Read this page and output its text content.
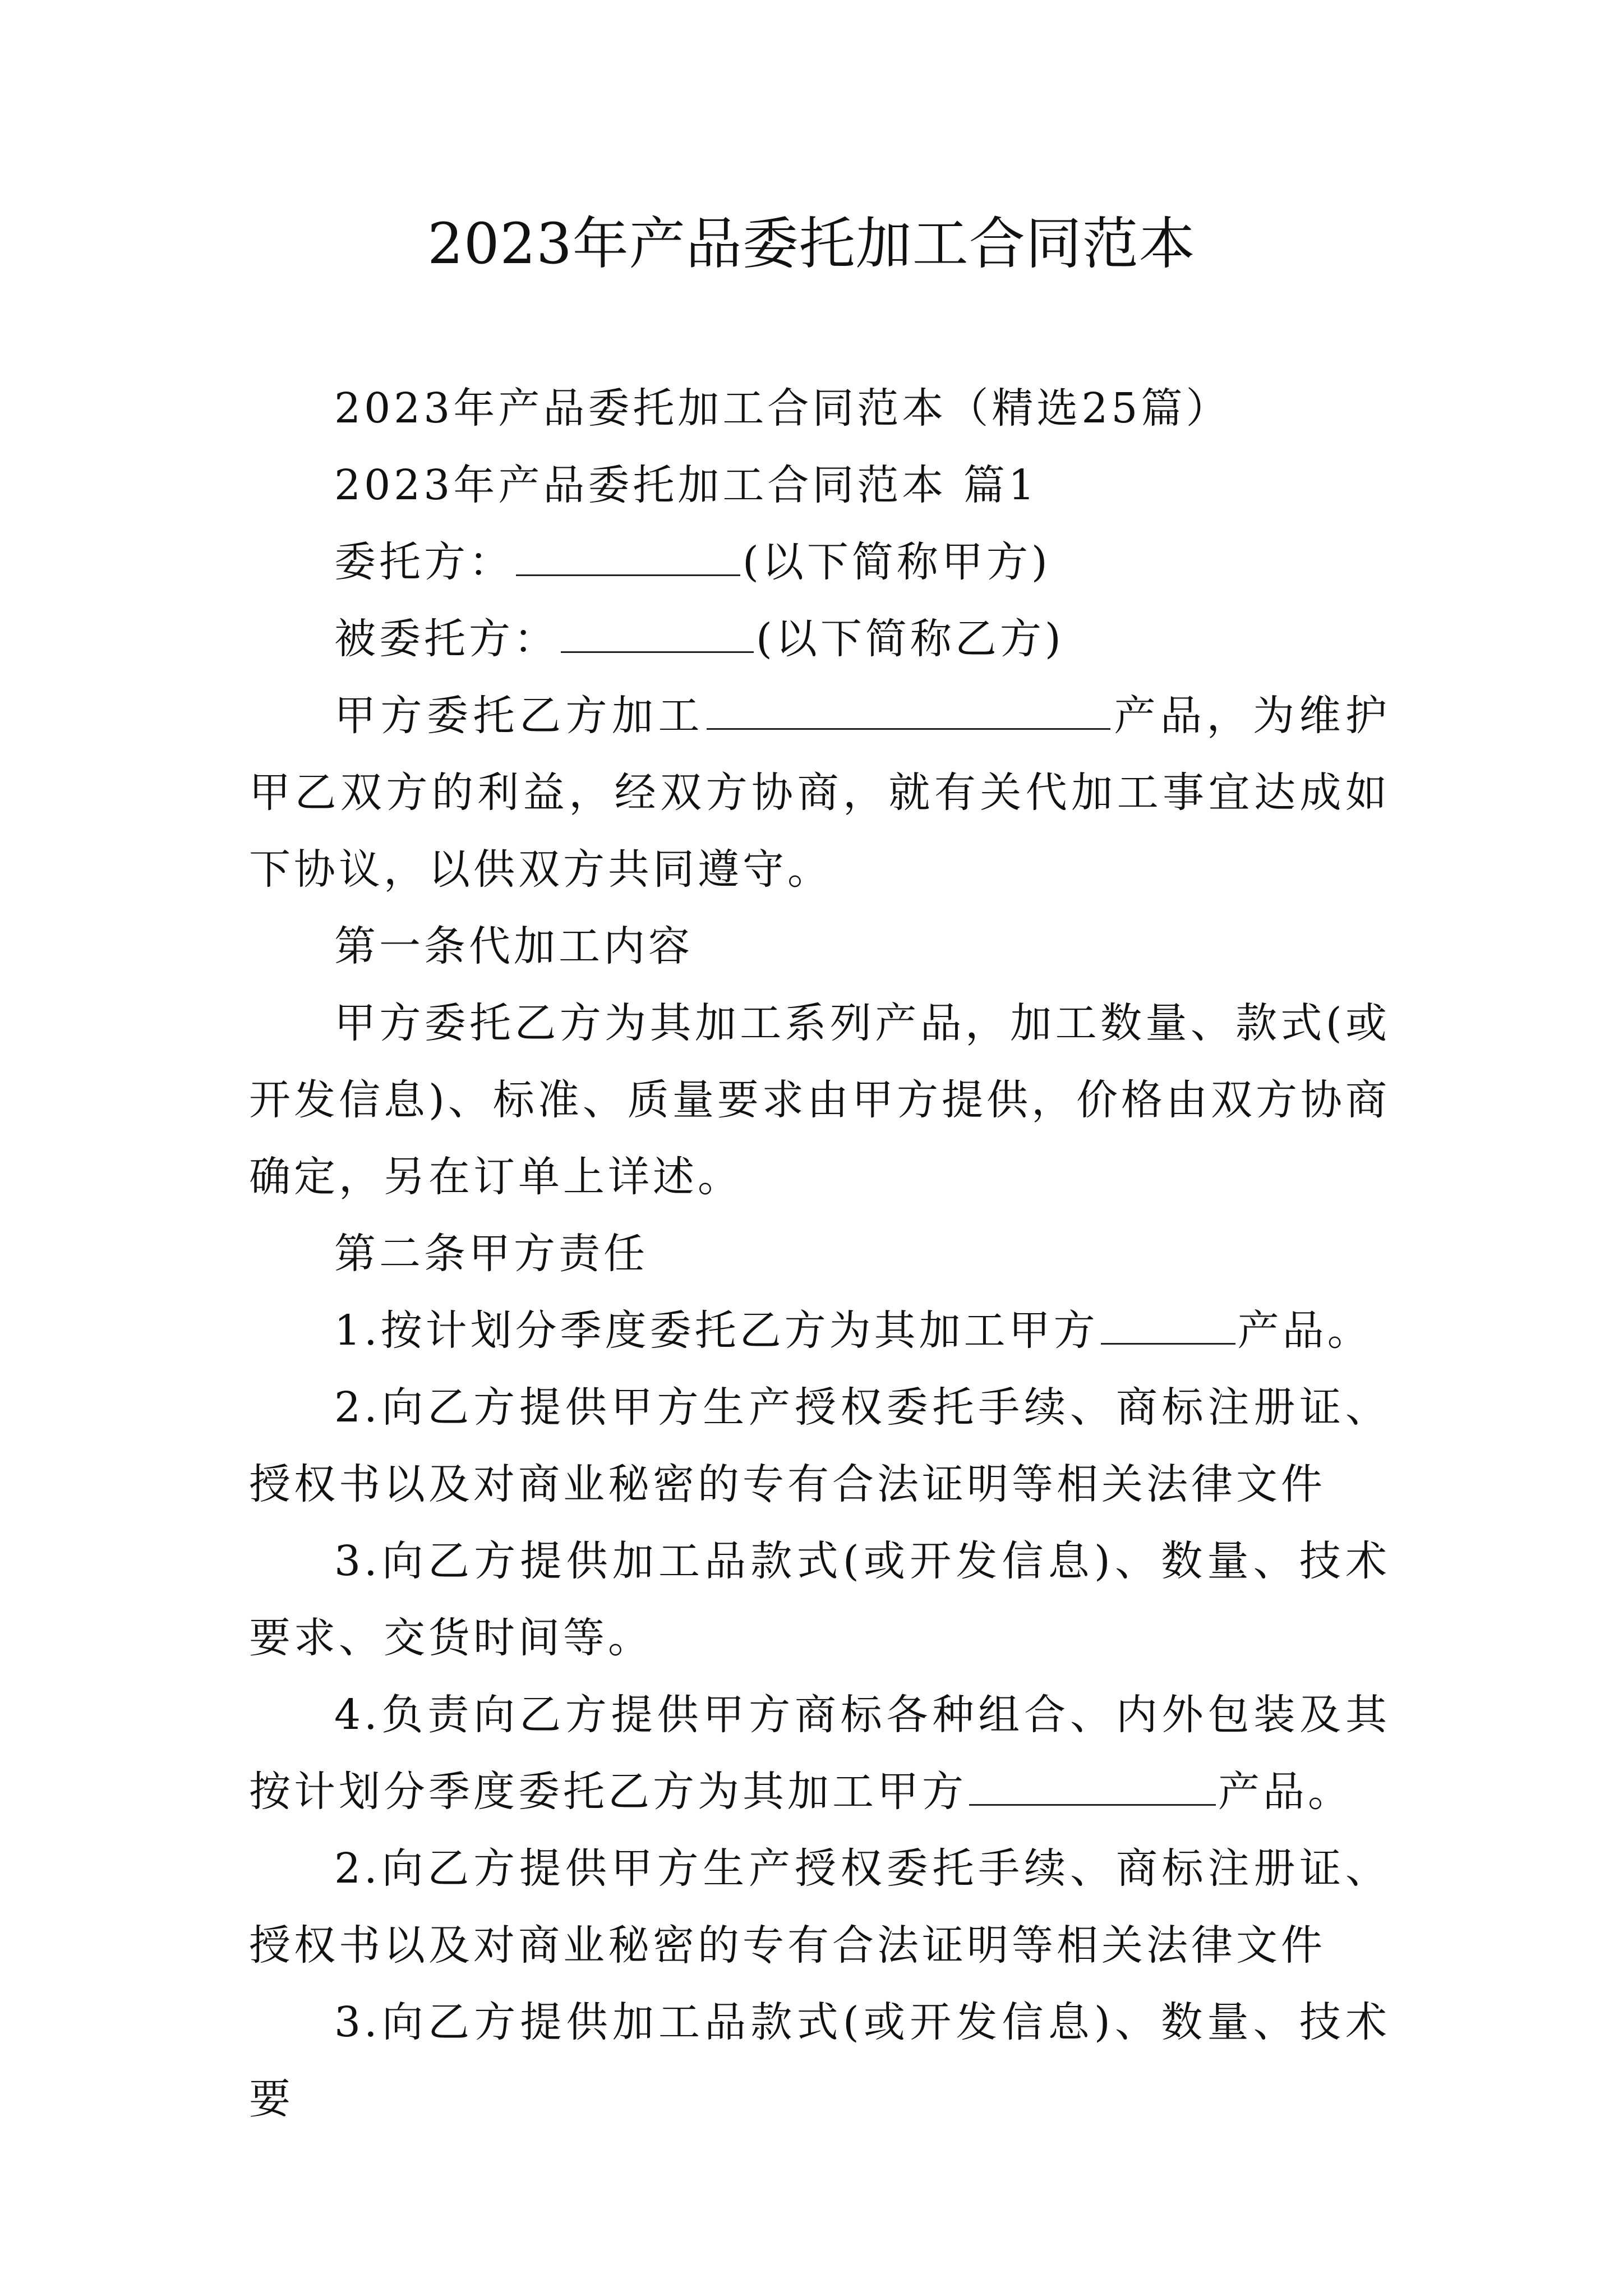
2023年产品委托加工合同范本

2023年产品委托加工合同范本（精选25篇）

2023年产品委托加工合同范本 篇1

委托方：	(以下简称甲方)

被委托方：	(以下简称乙方)

甲方委托乙方加工	产品，为维护甲乙双方的利益，经双方协商，就有关代加工事宜达成如下协议，以供双方共同遵守。

第一条代加工内容

甲方委托乙方为其加工系列产品，加工数量、款式(或开发信息)、标准、质量要求由甲方提供，价格由双方协商确定，另在订单上详述。

第二条甲方责任

1.按计划分季度委托乙方为其加工甲方	产品。

2.向乙方提供甲方生产授权委托手续、商标注册证、授权书以及对商业秘密的专有合法证明等相关法律文件

3.向乙方提供加工品款式(或开发信息)、数量、技术要求、交货时间等。

4.负责向乙方提供甲方商标各种组合、内外包装及其按计划分季度委托乙方为其加工甲方	产品。

2.向乙方提供甲方生产授权委托手续、商标注册证、授权书以及对商业秘密的专有合法证明等相关法律文件

3.向乙方提供加工品款式(或开发信息)、数量、技术要
